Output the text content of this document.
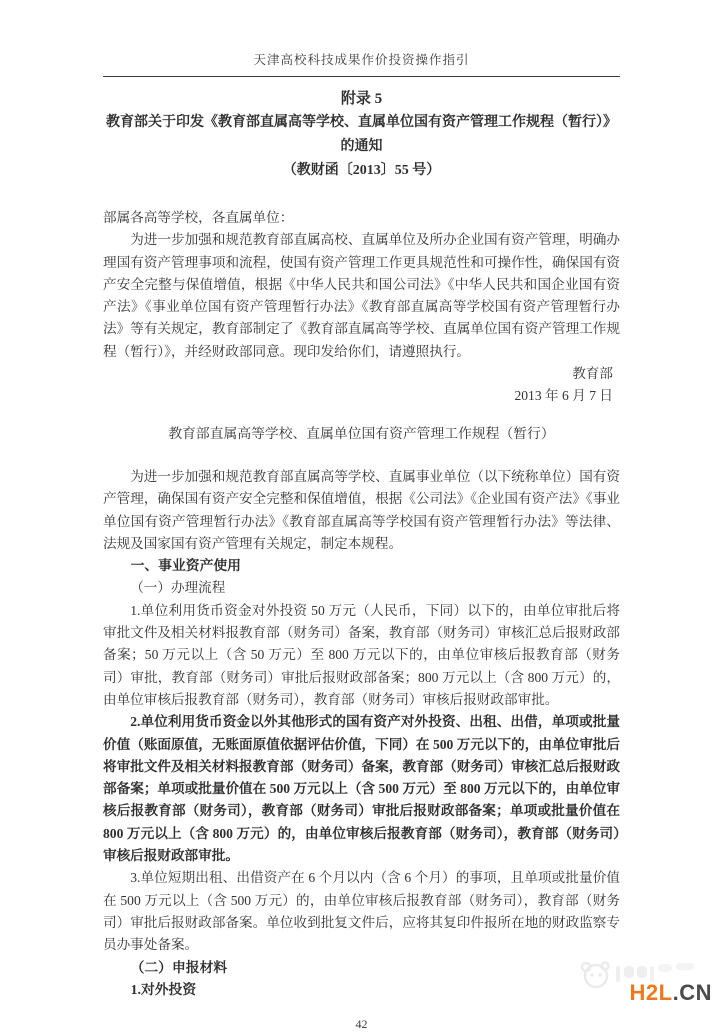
天津高校科技成果作价投资操作指引
附录 5
教育部关于印发《教育部直属高等学校、直属单位国有资产管理工作规程（暂行）》的通知
（教财函〔2013〕55 号）
部属各高等学校，各直属单位：

为进一步加强和规范教育部直属高校、直属单位及所办企业国有资产管理，明确办理国有资产管理事项和流程，使国有资产管理工作更具规范性和可操作性，确保国有资产安全完整与保值增值，根据《中华人民共和国公司法》《中华人民共和国企业国有资产法》《事业单位国有资产管理暂行办法》《教育部直属高等学校国有资产管理暂行办法》等有关规定，教育部制定了《教育部直属高等学校、直属单位国有资产管理工作规程（暂行）》，并经财政部同意。现印发给你们，请遵照执行。

教育部
2013 年 6 月 7 日
教育部直属高等学校、直属单位国有资产管理工作规程（暂行）

为进一步加强和规范教育部直属高等学校、直属事业单位（以下统称单位）国有资产管理，确保国有资产安全完整和保值增值，根据《公司法》《企业国有资产法》《事业单位国有资产管理暂行办法》《教育部直属高等学校国有资产管理暂行办法》等法律、法规及国家国有资产管理有关规定，制定本规程。

一、事业资产使用
（一）办理流程

1.单位利用货币资金对外投资 50 万元（人民币，下同）以下的，由单位审批后将审批文件及相关材料报教育部（财务司）备案，教育部（财务司）审核汇总后报财政部备案；50 万元以上（含 50 万元）至 800 万元以下的，由单位审核后报教育部（财务司）审批，教育部（财务司）审批后报财政部备案；800 万元以上（含 800 万元）的，由单位审核后报教育部（财务司），教育部（财务司）审核后报财政部审批。

2.单位利用货币资金以外其他形式的国有资产对外投资、出租、出借，单项或批量价值（账面原值，无账面原值依据评估价值，下同）在 500 万元以下的，由单位审批后将审批文件及相关材料报教育部（财务司）备案，教育部（财务司）审核汇总后报财政部备案；单项或批量价值在 500 万元以上（含 500 万元）至 800 万元以下的，由单位审核后报教育部（财务司），教育部（财务司）审批后报财政部备案；单项或批量价值在 800 万元以上（含 800 万元）的，由单位审核后报教育部（财务司），教育部（财务司）审核后报财政部审批。

3.单位短期出租、出借资产在 6 个月以内（含 6 个月）的事项，且单项或批量价值在 500 万元以上（含 500 万元）的，由单位审核后报教育部（财务司），教育部（财务司）审批后报财政部备案。单位收到批复文件后，应将其复印件报所在地的财政监察专员办事处备案。

（二）申报材料
1.对外投资
42
H2L.CN
